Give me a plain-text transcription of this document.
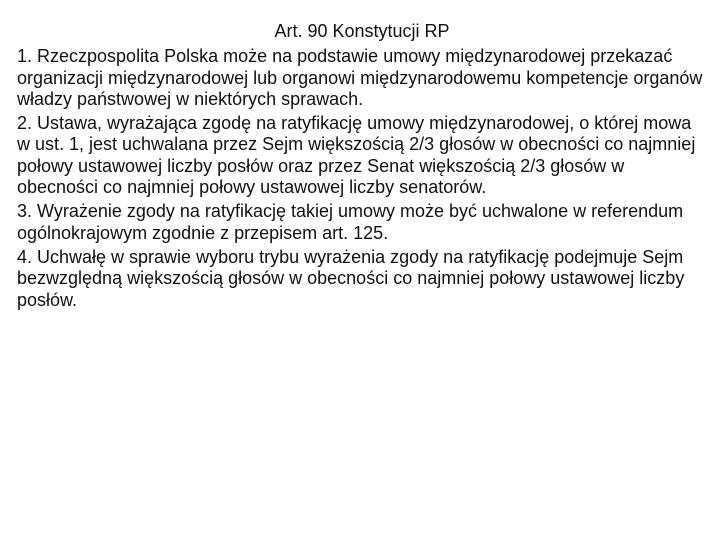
Art. 90 Konstytucji RP
1. Rzeczpospolita Polska może na podstawie umowy międzynarodowej przekazać organizacji międzynarodowej lub organowi międzynarodowemu kompetencje organów władzy państwowej w niektórych sprawach.
2. Ustawa, wyrażająca zgodę na ratyfikację umowy międzynarodowej, o której mowa w ust. 1, jest uchwalana przez Sejm większością 2/3 głosów w obecności co najmniej połowy ustawowej liczby posłów oraz przez Senat większością 2/3 głosów w obecności co najmniej połowy ustawowej liczby senatorów.
3. Wyrażenie zgody na ratyfikację takiej umowy może być uchwalone w referendum ogólnokrajowym zgodnie z przepisem art. 125.
4. Uchwałę w sprawie wyboru trybu wyrażenia zgody na ratyfikację podejmuje Sejm bezwzględną większością głosów w obecności co najmniej połowy ustawowej liczby posłów.
